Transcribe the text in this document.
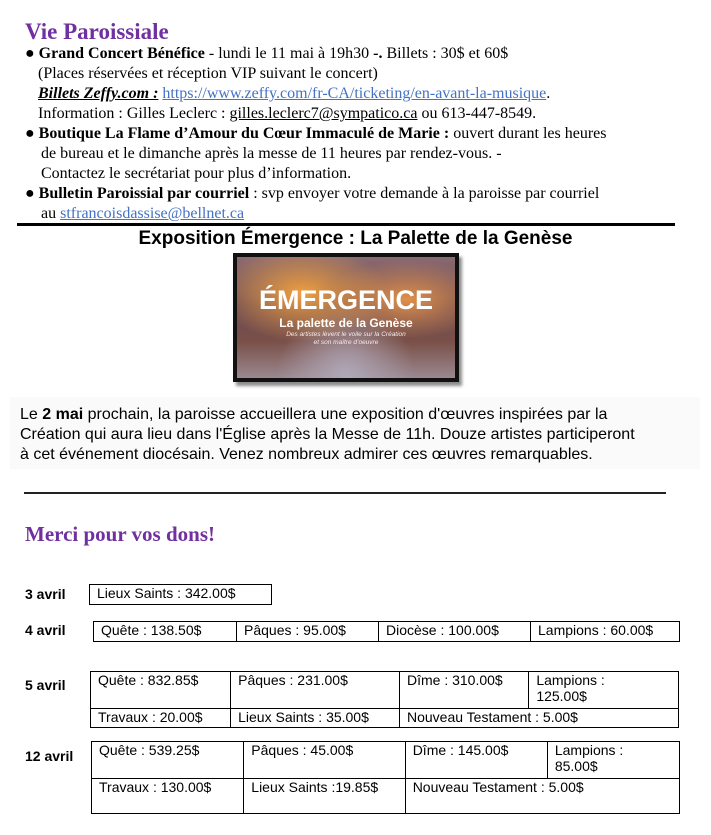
Vie Paroissiale
● Grand Concert Bénéfice - lundi le 11 mai à 19h30 -. Billets : 30$ et 60$
(Places réservées et réception VIP suivant le concert)
Billets Zeffy.com : https://www.zeffy.com/fr-CA/ticketing/en-avant-la-musique.
Information : Gilles Leclerc : gilles.leclerc7@sympatico.ca ou 613-447-8549.
● Boutique La Flame d’Amour du Cœur Immaculé de Marie : ouvert durant les heures
de bureau et le dimanche après la messe de 11 heures par rendez-vous. -
Contactez le secrétariat pour plus d’information.
● Bulletin Paroissial par courriel : svp envoyer votre demande à la paroisse par courriel
au stfrancoisdassise@bellnet.ca
Exposition Émergence : La Palette de la Genèse
ÉMERGENCE
La palette de la Genèse
Des artistes lèvent le voile sur la Création
et son maître d’oeuvre
Le 2 mai prochain, la paroisse accueillera une exposition d'œuvres inspirées par la
Création qui aura lieu dans l'Église après la Messe de 11h. Douze artistes participeront
à cet événement diocésain. Venez nombreux admirer ces œuvres remarquables.
Merci pour vos dons!
3 avril Lieux Saints : 342.00$
4 avril	Quête : 138.50$	Pâques : 95.00$	Diocèse : 100.00$	Lampions : 60.00$
5 avril Quête : 832.85$	Pâques : 231.00$	Dîme : 310.00$	Lampions : 125.00$
Travaux : 20.00$	Lieux Saints : 35.00$	Nouveau Testament : 5.00$	
12 avril Quête : 539.25$	Pâques : 45.00$	Dîme : 145.00$	Lampions : 85.00$
Travaux : 130.00$	Lieux Saints :19.85$	Nouveau Testament : 5.00$	
